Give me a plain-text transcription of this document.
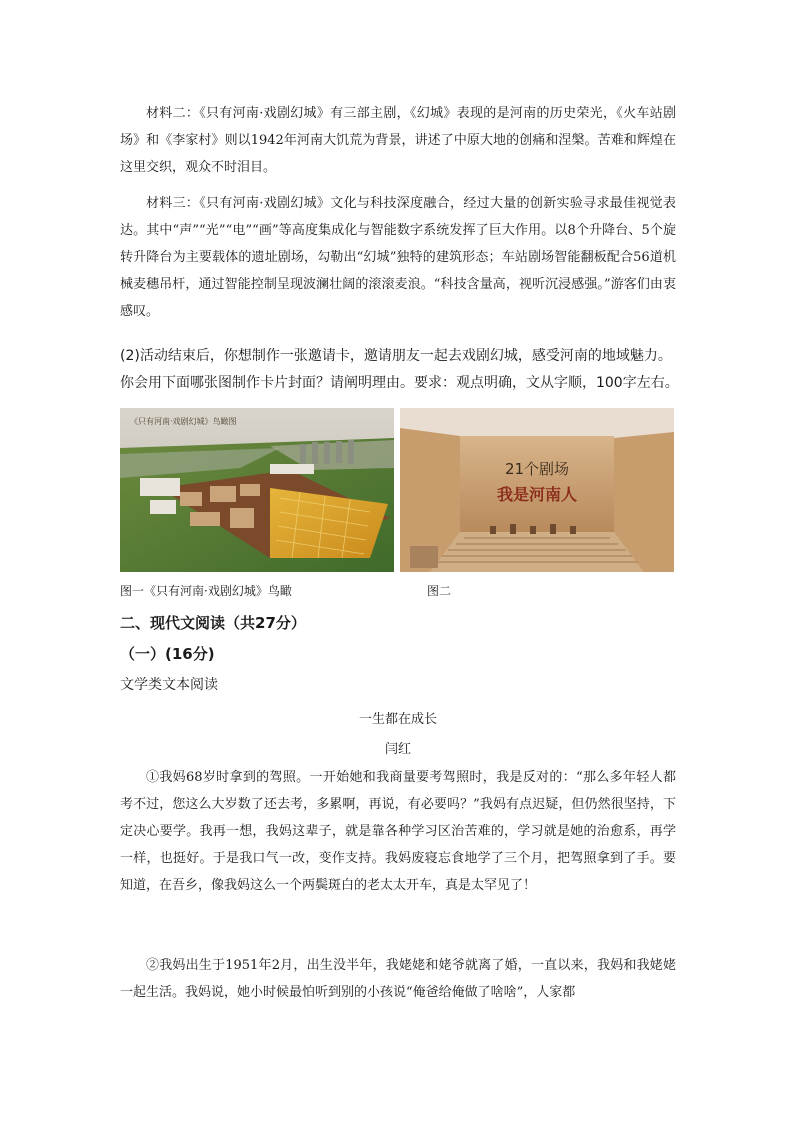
材料二：《只有河南·戏剧幻城》有三部主剧，《幻城》表现的是河南的历史荣光，《火车站剧场》和《李家村》则以1942年河南大饥荒为背景，讲述了中原大地的创痛和涅槃。苦难和辉煌在这里交织，观众不时泪目。

材料三：《只有河南·戏剧幻城》文化与科技深度融合，经过大量的创新实验寻求最佳视觉表达。其中“声”“光”“电”“画”等高度集成化与智能数字系统发挥了巨大作用。以8个升降台、5个旋转升降台为主要载体的遗址剧场，勾勒出“幻城”独特的建筑形态；车站剧场智能翻板配合56道机械麦穗吊杆，通过智能控制呈现波澜壮阔的滚滚麦浪。“科技含量高，视听沉浸感强。”游客们由衷感叹。

(2)活动结束后，你想制作一张邀请卡，邀请朋友一起去戏剧幻城，感受河南的地域魅力。你会用下面哪张图制作卡片封面？请阐明理由。要求：观点明确，文从字顺，100字左右。

《只有河南·戏剧幻城》鸟瞰图
21个剧场
我是河南人

图一《只有河南·戏剧幻城》鸟瞰	图二

二、现代文阅读（共27分）

（一）(16分)

文学类文本阅读

一生都在成长

闫红

①我妈68岁时拿到的驾照。一开始她和我商量要考驾照时，我是反对的：“那么多年轻人都考不过，您这么大岁数了还去考，多累啊，再说，有必要吗？”我妈有点迟疑，但仍然很坚持，下定决心要学。我再一想，我妈这辈子，就是靠各种学习区治苦难的，学习就是她的治愈系，再学一样，也挺好。于是我口气一改，变作支持。我妈废寝忘食地学了三个月，把驾照拿到了手。要知道，在吾乡，像我妈这么一个两鬓斑白的老太太开车，真是太罕见了！

②我妈出生于1951年2月，出生没半年，我姥姥和姥爷就离了婚，一直以来，我妈和我姥姥一起生活。我妈说，她小时候最怕听到别的小孩说“俺爸给俺做了啥啥”，人家都
